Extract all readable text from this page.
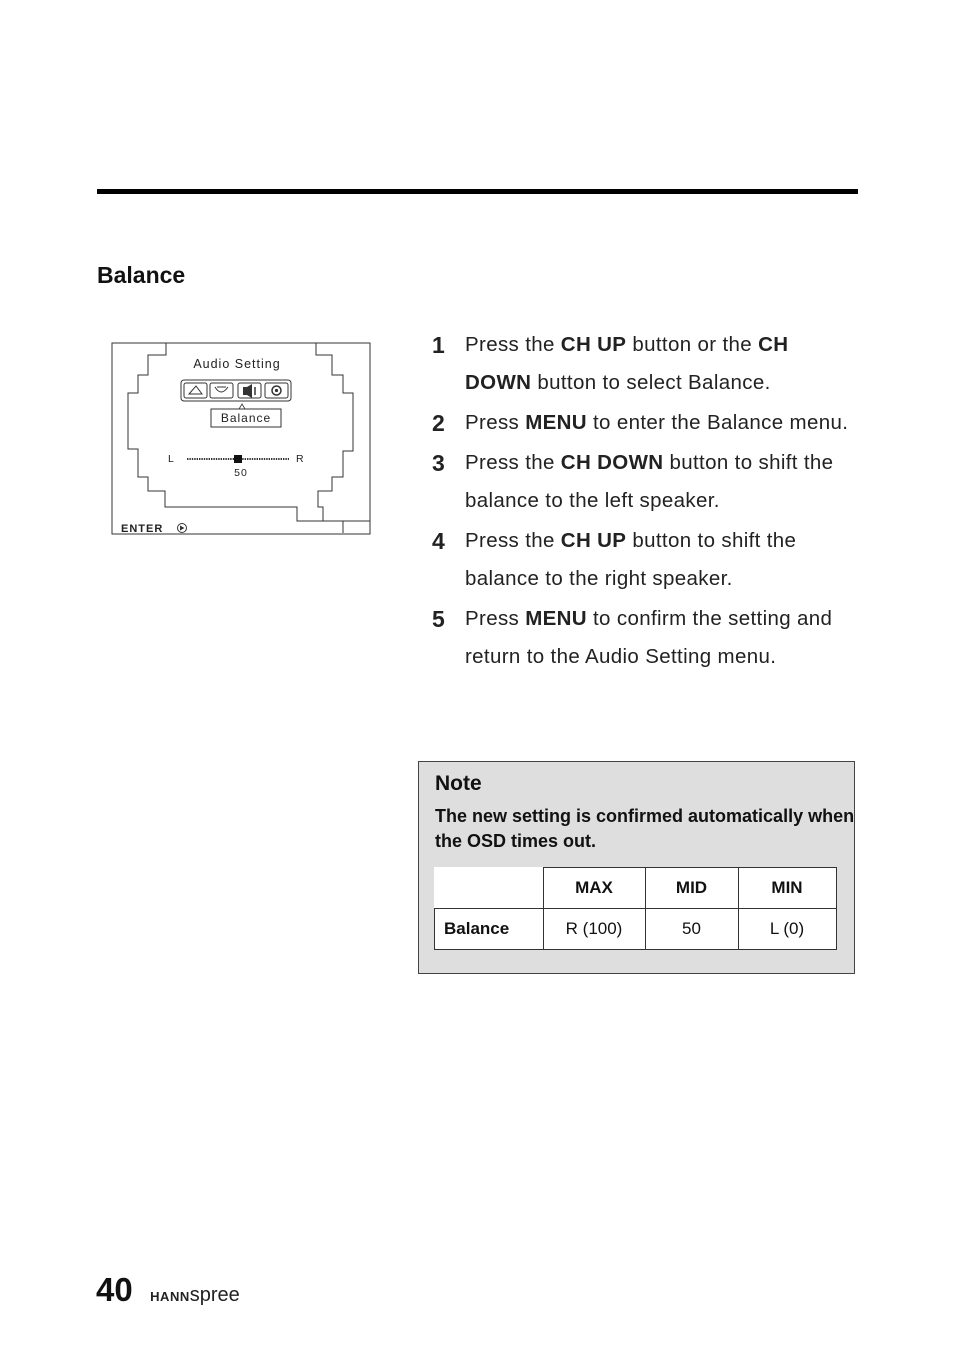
Balance
Audio Setting
Balance
L	R
50
ENTER
1 Press the CH UP button or the CH DOWN button to select Balance.
2 Press MENU to enter the Balance menu.
3 Press the CH DOWN button to shift the balance to the left speaker.
4 Press the CH UP button to shift the balance to the right speaker.
5 Press MENU to confirm the setting and return to the Audio Setting menu.
Note

The new setting is confirmed automatically when the OSD times out.

	MAX	MID	MIN
Balance	R (100)	50	L (0)
40 HANNspree
